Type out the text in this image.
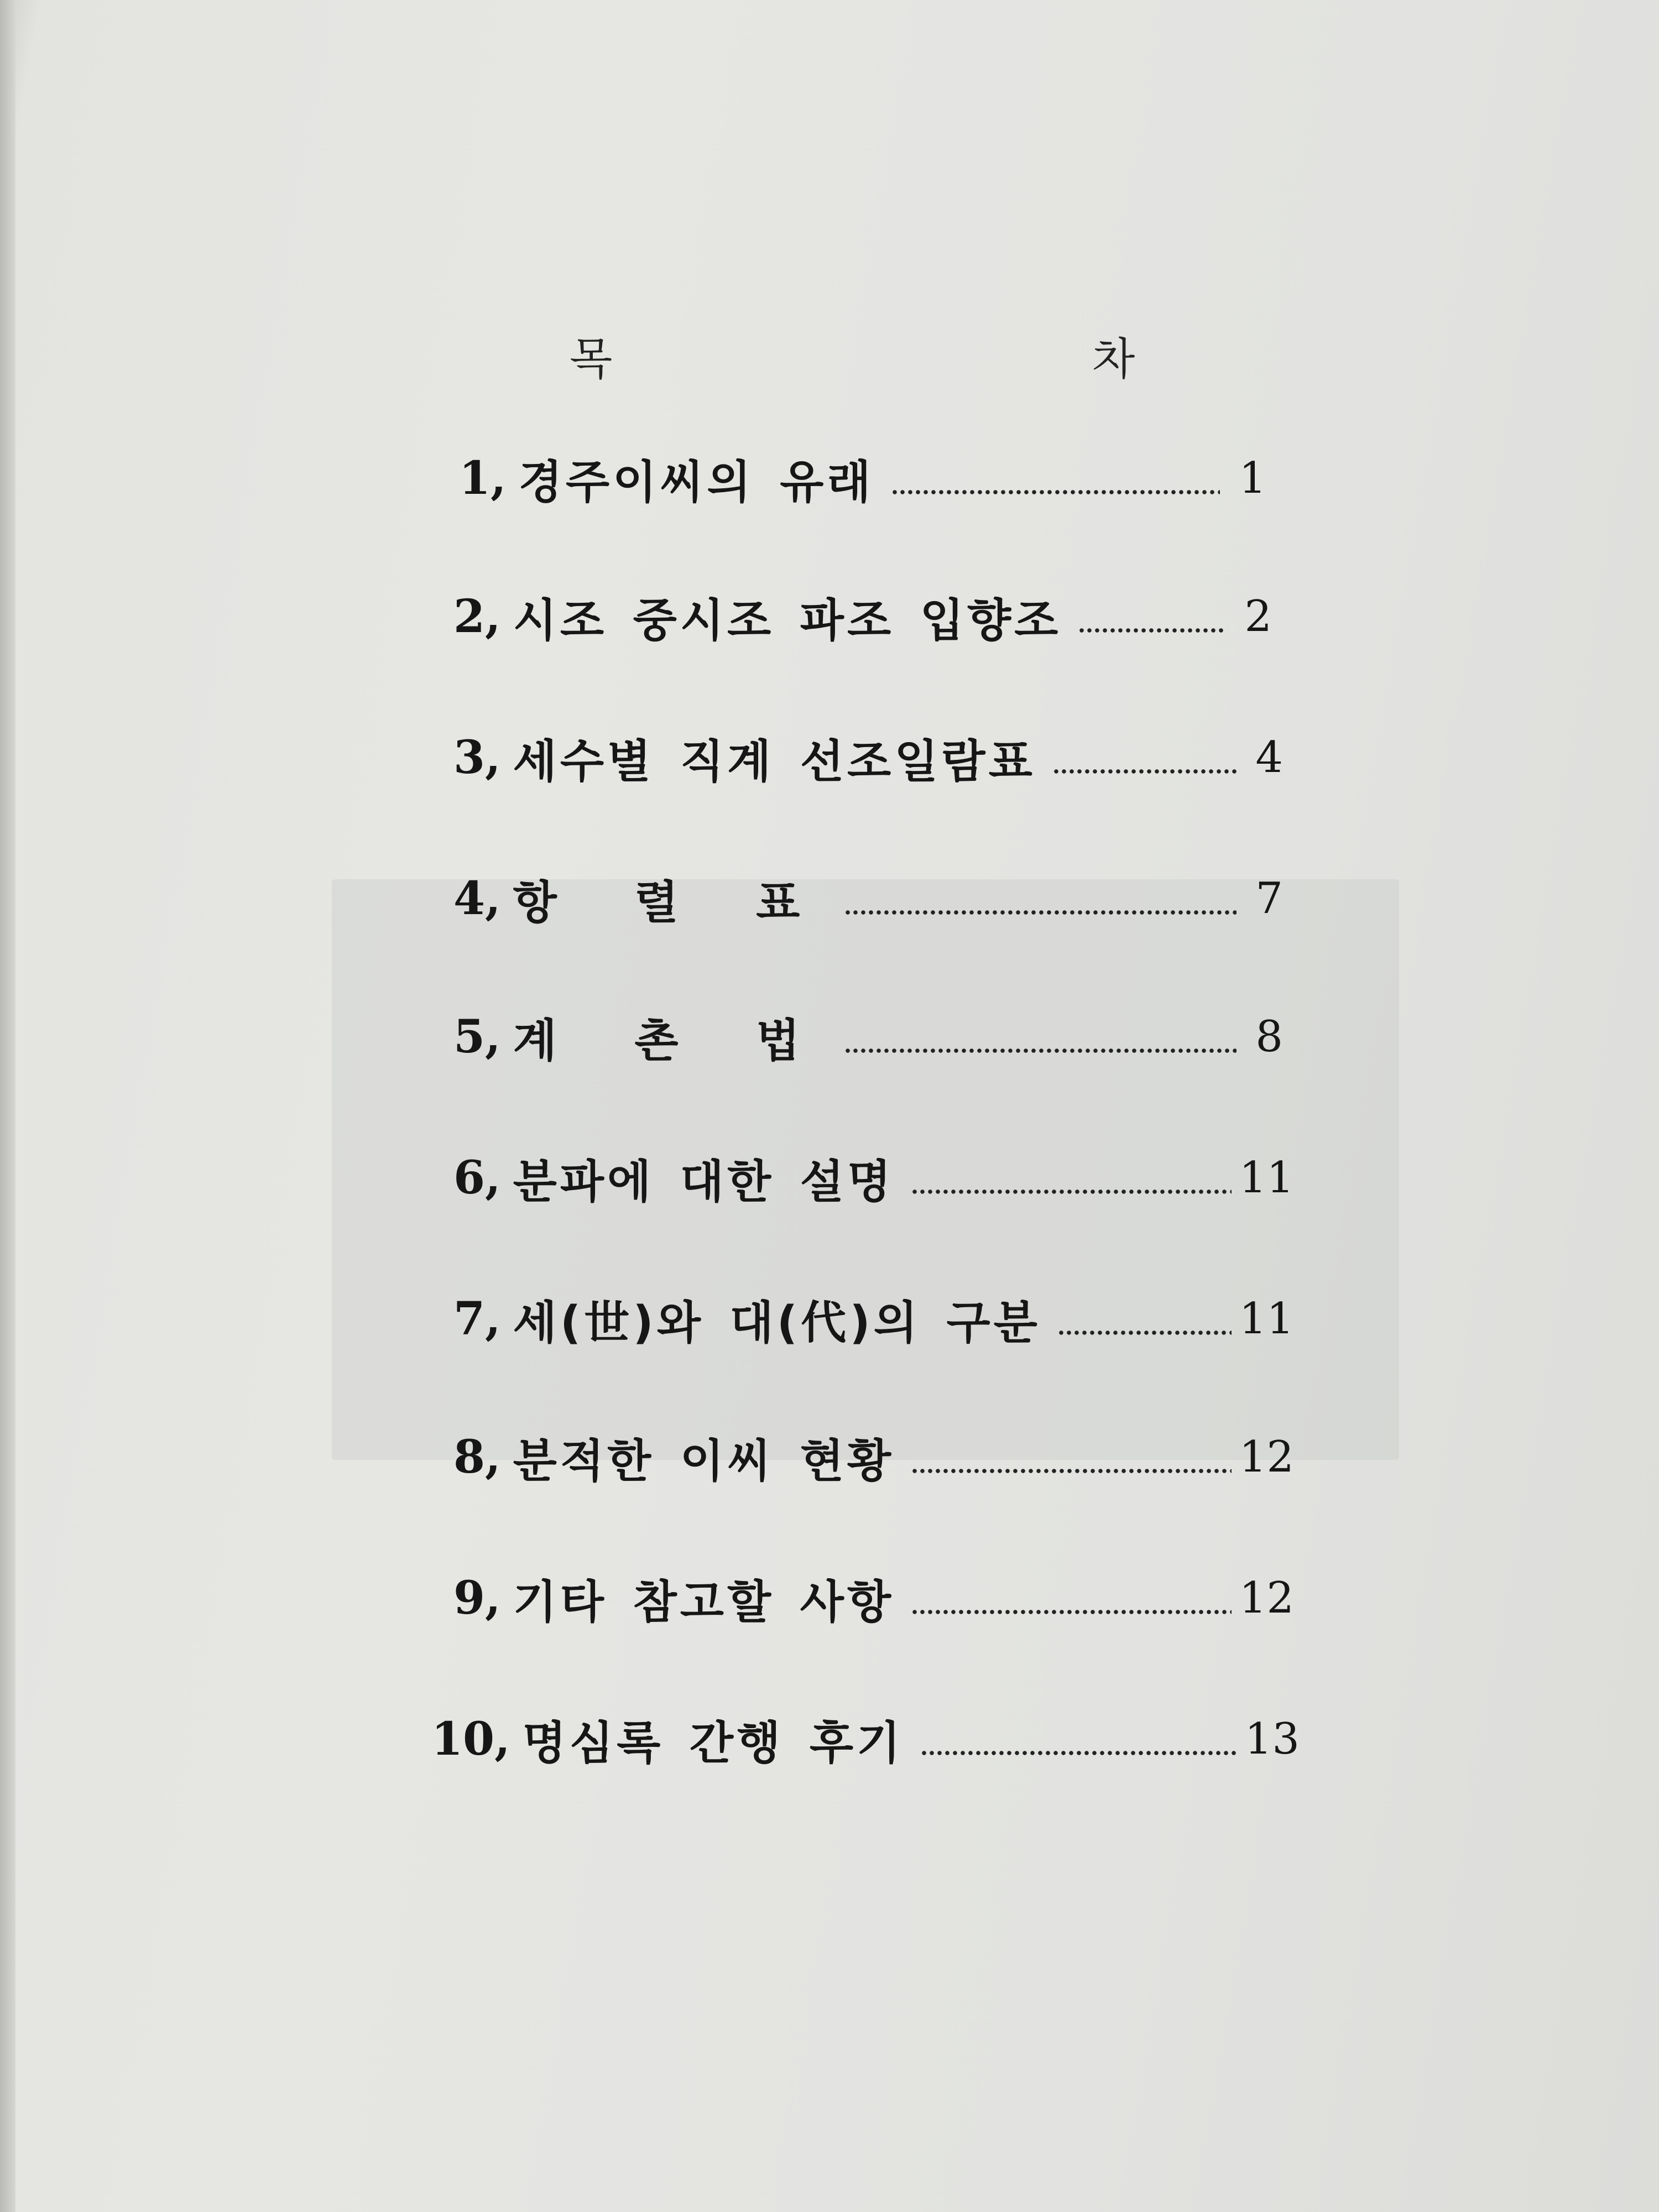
목	차
1, 경주이씨의 유래	1
2, 시조 중시조 파조 입향조	2
3, 세수별 직계 선조일람표	4
4, 항 렬 표	7
5, 계 촌 법	8
6, 분파에 대한 설명	11
7, 세(世)와 대(代)의 구분	11
8, 분적한 이씨 현황	12
9, 기타 참고할 사항	12
10, 명심록 간행 후기	13
